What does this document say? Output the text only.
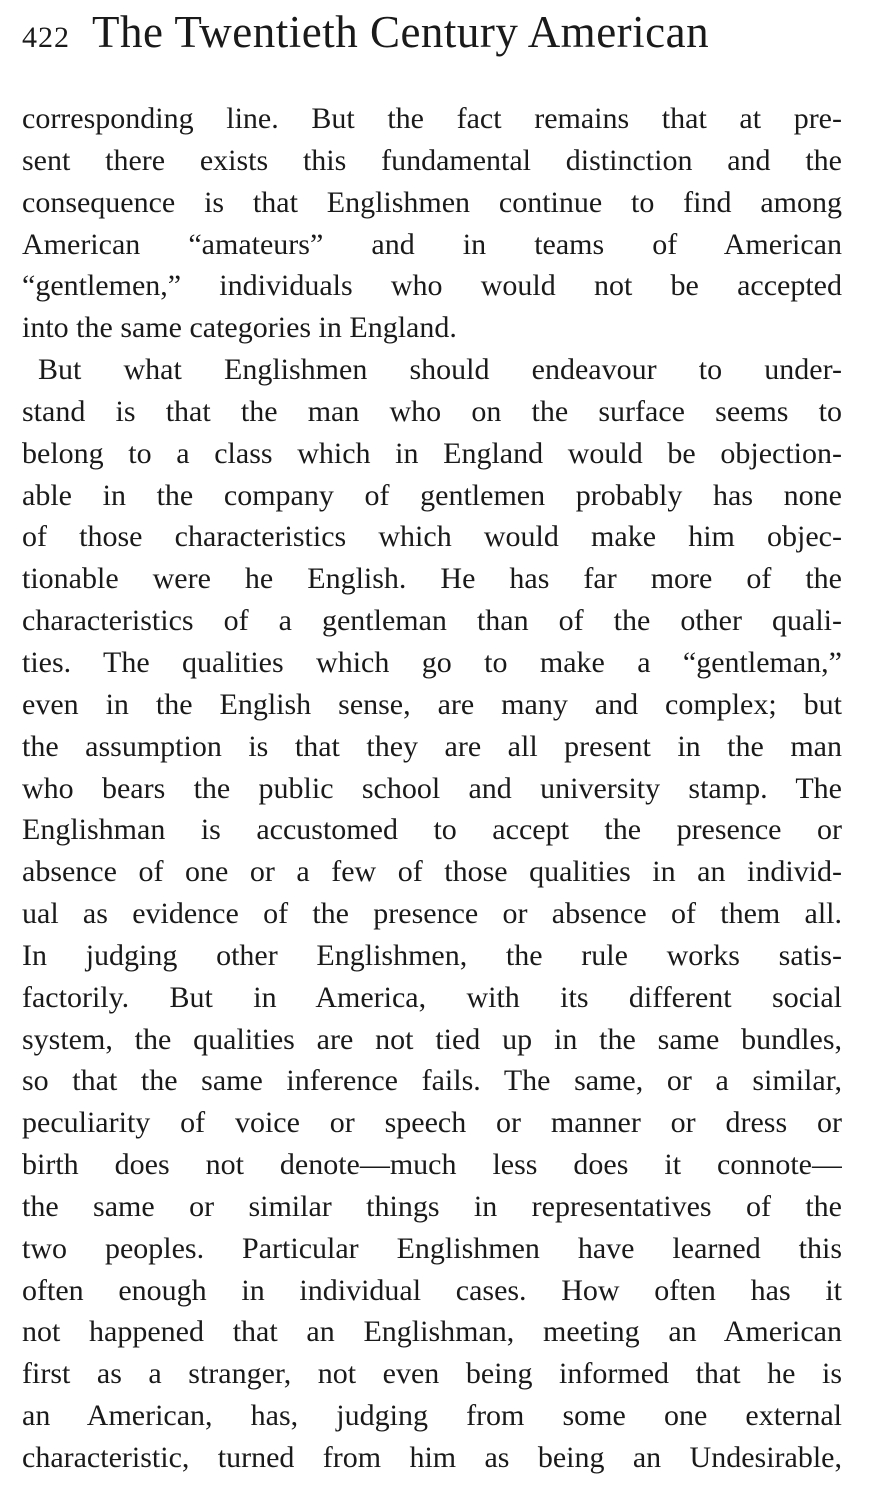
422 The Twentieth Century American
corresponding line. But the fact remains that at pre-
sent there exists this fundamental distinction and the
consequence is that Englishmen continue to find among
American “amateurs” and in teams of American
“gentlemen,” individuals who would not be accepted
into the same categories in England.
But what Englishmen should endeavour to under-
stand is that the man who on the surface seems to
belong to a class which in England would be objection-
able in the company of gentlemen probably has none
of those characteristics which would make him objec-
tionable were he English. He has far more of the
characteristics of a gentleman than of the other quali-
ties. The qualities which go to make a “gentleman,”
even in the English sense, are many and complex; but
the assumption is that they are all present in the man
who bears the public school and university stamp. The
Englishman is accustomed to accept the presence or
absence of one or a few of those qualities in an individ-
ual as evidence of the presence or absence of them all.
In judging other Englishmen, the rule works satis-
factorily. But in America, with its different social
system, the qualities are not tied up in the same bundles,
so that the same inference fails. The same, or a similar,
peculiarity of voice or speech or manner or dress or
birth does not denote—much less does it connote—
the same or similar things in representatives of the
two peoples. Particular Englishmen have learned this
often enough in individual cases. How often has it
not happened that an Englishman, meeting an American
first as a stranger, not even being informed that he is
an American, has, judging from some one external
characteristic, turned from him as being an Undesirable,
